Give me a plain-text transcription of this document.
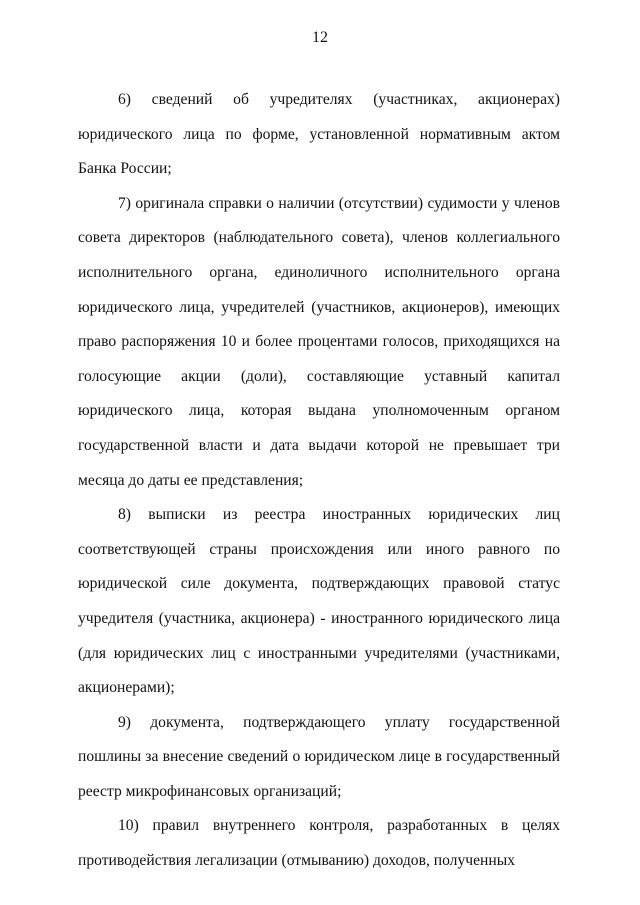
12

6) сведений об учредителях (участниках, акционерах) юридического лица по форме, установленной нормативным актом Банка России;

7) оригинала справки о наличии (отсутствии) судимости у членов совета директоров (наблюдательного совета), членов коллегиального исполнительного органа, единоличного исполнительного органа юридического лица, учредителей (участников, акционеров), имеющих право распоряжения 10 и более процентами голосов, приходящихся на голосующие акции (доли), составляющие уставный капитал юридического лица, которая выдана уполномоченным органом государственной власти и дата выдачи которой не превышает три месяца до даты ее представления;

8) выписки из реестра иностранных юридических лиц соответствующей страны происхождения или иного равного по юридической силе документа, подтверждающих правовой статус учредителя (участника, акционера) - иностранного юридического лица (для юридических лиц с иностранными учредителями (участниками, акционерами);

9) документа, подтверждающего уплату государственной пошлины за внесение сведений о юридическом лице в государственный реестр микрофинансовых организаций;

10) правил внутреннего контроля, разработанных в целях противодействия легализации (отмыванию) доходов, полученных
